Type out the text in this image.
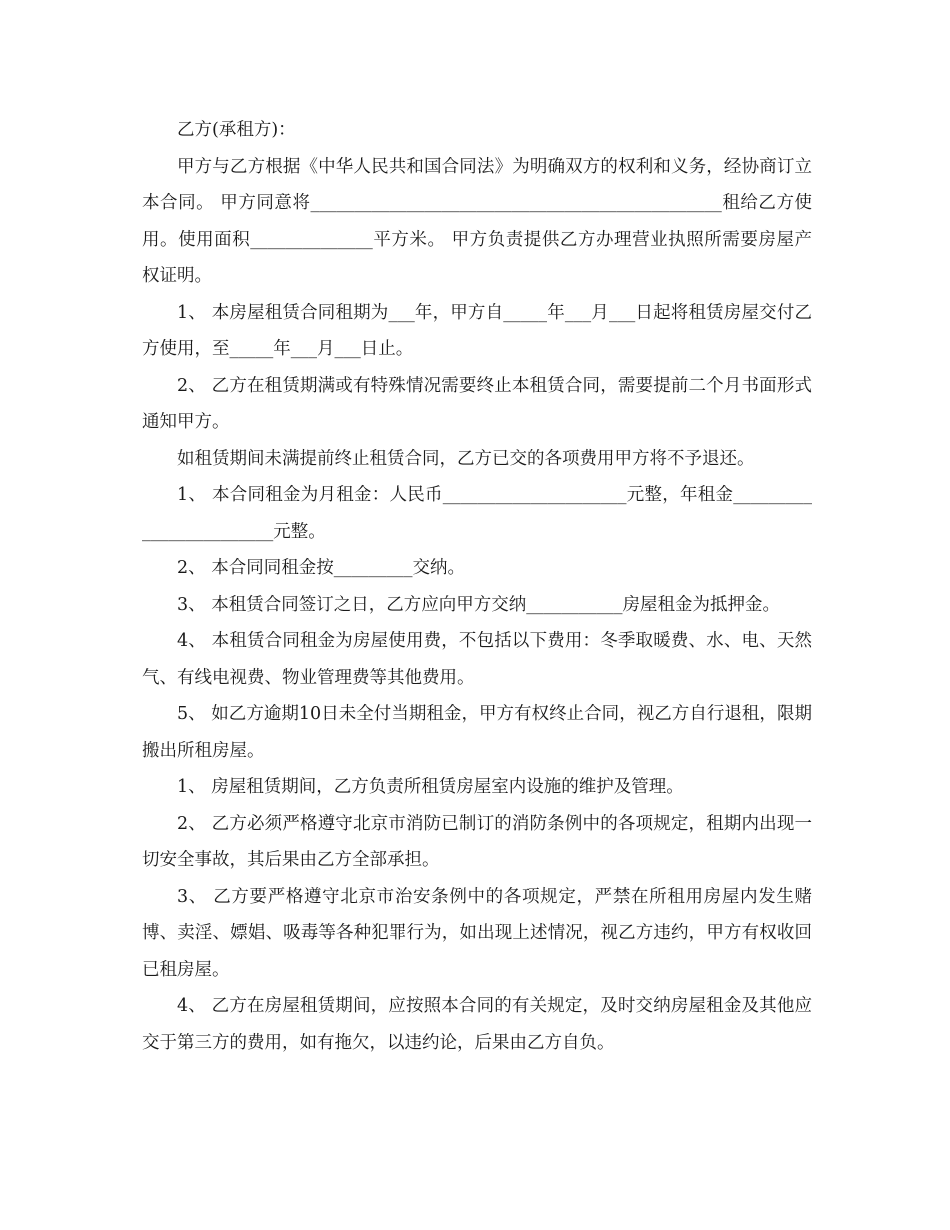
乙方(承租方)：

甲方与乙方根据《中华人民共和国合同法》为明确双方的权利和义务，经协商订立本合同。 甲方同意将_______________________________________________租给乙方使用。使用面积______________平方米。 甲方负责提供乙方办理营业执照所需要房屋产权证明。

1、 本房屋租赁合同租期为___年，甲方自_____年___月___日起将租赁房屋交付乙方使用，至_____年___月___日止。

2、 乙方在租赁期满或有特殊情况需要终止本租赁合同，需要提前二个月书面形式通知甲方。

如租赁期间未满提前终止租赁合同，乙方已交的各项费用甲方将不予退还。

1、 本合同租金为月租金：人民币_____________________元整，年租金________________________元整。

2、 本合同同租金按_________交纳。

3、 本租赁合同签订之日，乙方应向甲方交纳___________房屋租金为抵押金。

4、 本租赁合同租金为房屋使用费，不包括以下费用：冬季取暖费、水、电、天然气、有线电视费、物业管理费等其他费用。

5、 如乙方逾期10日未全付当期租金，甲方有权终止合同，视乙方自行退租，限期搬出所租房屋。

1、 房屋租赁期间，乙方负责所租赁房屋室内设施的维护及管理。

2、 乙方必须严格遵守北京市消防已制订的消防条例中的各项规定，租期内出现一切安全事故，其后果由乙方全部承担。

3、 乙方要严格遵守北京市治安条例中的各项规定，严禁在所租用房屋内发生赌博、卖淫、嫖娼、吸毒等各种犯罪行为，如出现上述情况，视乙方违约，甲方有权收回已租房屋。

4、 乙方在房屋租赁期间，应按照本合同的有关规定，及时交纳房屋租金及其他应交于第三方的费用，如有拖欠，以违约论，后果由乙方自负。
